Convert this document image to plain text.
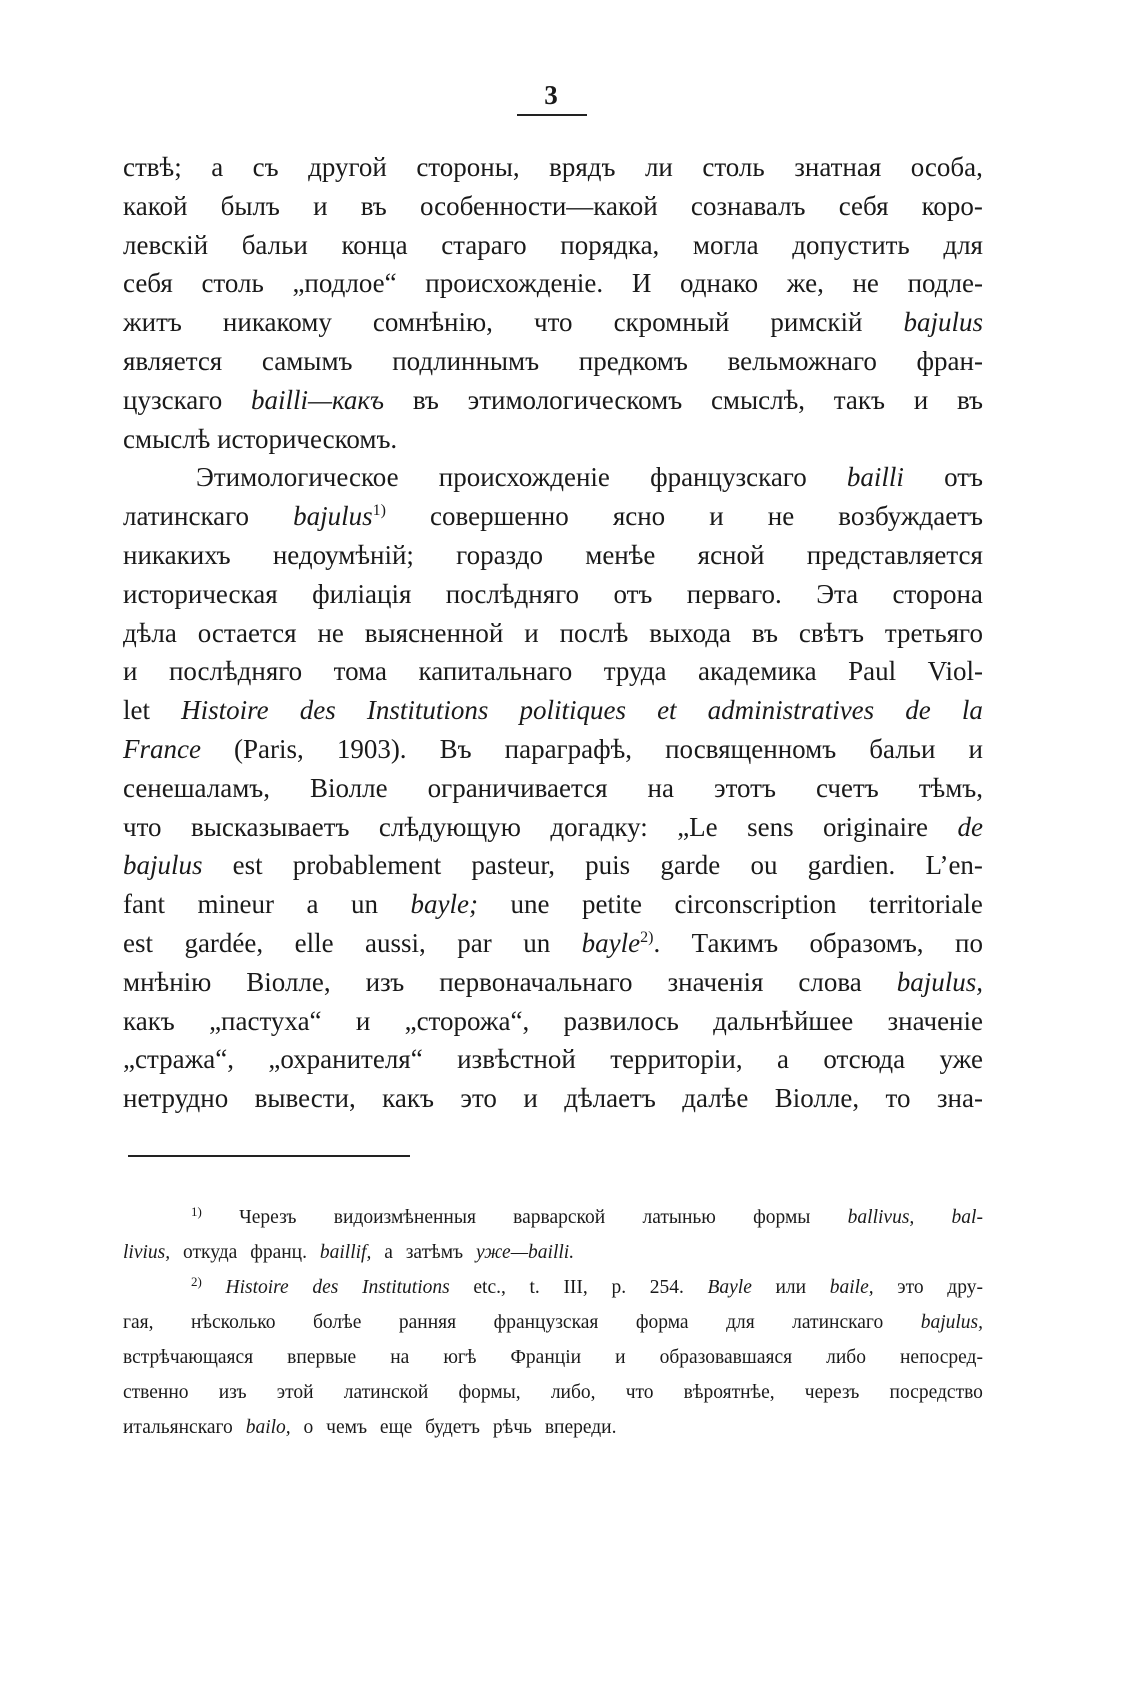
3
ствѣ; а съ другой стороны, врядъ ли столь знатная особа,
какой былъ и въ особенности—какой сознавалъ себя коро-
левскій бальи конца стараго порядка, могла допустить для
себя столь „подлое“ происхожденіе. И однако же, не подле-
житъ никакому сомнѣнію, что скромный римскій bajulus
является самымъ подлиннымъ предкомъ вельможнаго фран-
цузскаго bailli—какъ въ этимологическомъ смыслѣ, такъ и въ
смыслѣ
историческомъ.
Этимологическое происхожденіе французскаго bailli отъ
латинскаго bajulus$^{1)}$ совершенно ясно и не возбуждаетъ
никакихъ недоумѣній; гораздо менѣе ясной представляется
историческая филіація послѣдняго отъ перваго. Эта сторона
дѣла остается не выясненной и послѣ выхода въ свѣтъ третьяго
и послѣдняго тома капитальнаго труда академика Paul Viol-
let Histoire des Institutions politiques et administratives de la
France (Paris, 1903). Въ параграфѣ, посвященномъ бальи и
сенешаламъ, Віолле ограничивается на этотъ счетъ тѣмъ,
что высказываетъ слѣдующую догадку: „Le sens originaire de
bajulus est probablement pasteur, puis garde ou gardien. L’en-
fant mineur a un bayle; une petite circonscription territoriale
est gardée, elle aussi, par un bayle$^{2)}$. Такимъ образомъ, по
мнѣнію Віолле, изъ первоначальнаго значенія слова bajulus,
какъ „пастуха“ и „сторожа“, развилось дальнѣйшее значеніе
„стража“, „охранителя“ извѣстной территоріи, а отсюда уже
нетрудно вывести, какъ это и дѣлаетъ далѣе Віолле, то зна-
$^{1)}$ Черезъ видоизмѣненныя варварской латынью формы ballivus, bal-
livius,
откуда
франц.
baillif,
а
затѣмъ
уже—bailli.
$^{2)}$ Histoire des Institutions etc., t. III, p. 254. Bayle или baile, это дру-
гая, нѣсколько болѣе ранняя французская форма для латинскаго bajulus,
встрѣчающаяся впервые на югѣ Франціи и образовавшаяся либо непосред-
ственно изъ этой латинской формы, либо, что вѣроятнѣе, черезъ посредство
итальянскаго
bailo,
о
чемъ
еще
будетъ
рѣчь
впереди.
